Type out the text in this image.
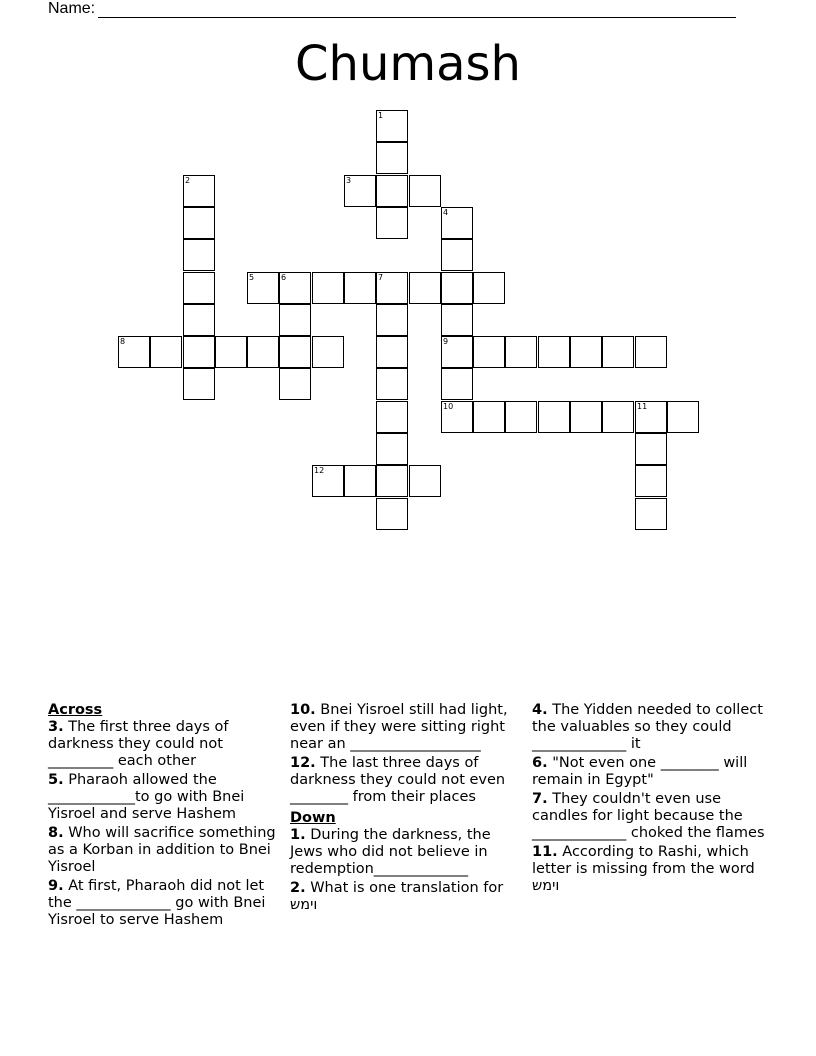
Name:
Chumash
1
2	3
4
5	6	7
8	9
10	11
12
Across
3. The first three days of darkness they could not _________ each other
5. Pharaoh allowed the ____________to go with Bnei Yisroel and serve Hashem
8. Who will sacrifice something as a Korban in addition to Bnei Yisroel
9. At first, Pharaoh did not let the _____________ go with Bnei Yisroel to serve Hashem
10. Bnei Yisroel still had light, even if they were sitting right near an __________________
12. The last three days of darkness they could not even ________ from their places
Down
1. During the darkness, the Jews who did not believe in redemption_____________
2. What is one translation for וימש
4. The Yidden needed to collect the valuables so they could _____________ it
6. "Not even one ________ will remain in Egypt"
7. They couldn't even use candles for light because the _____________ choked the flames
11. According to Rashi, which letter is missing from the word וימש
